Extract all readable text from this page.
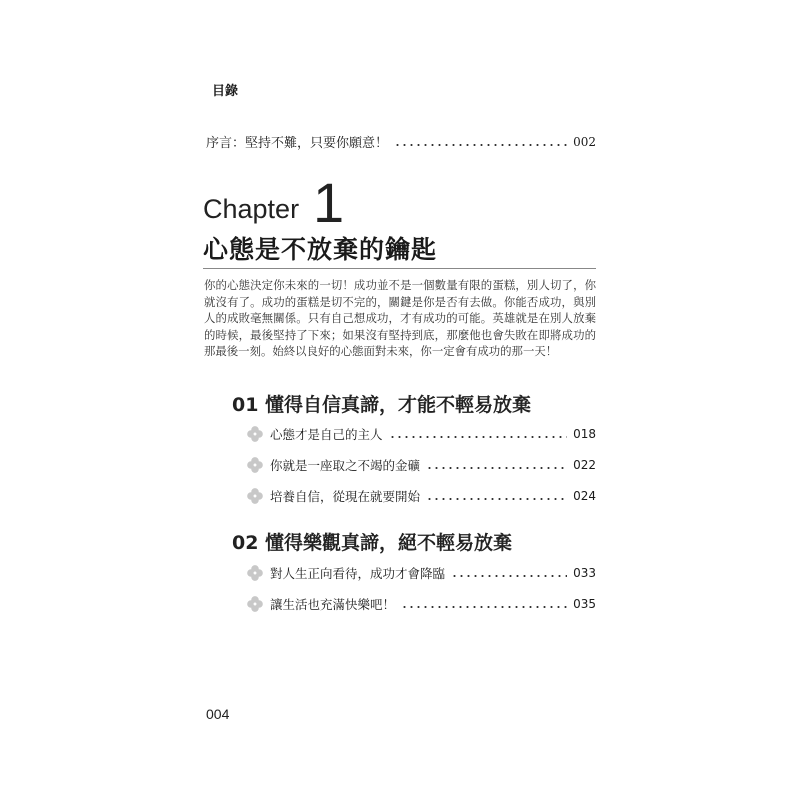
目錄
序言：堅持不難，只要你願意！	002
Chapter 1
心態是不放棄的鑰匙
你的心態決定你未來的一切！成功並不是一個數量有限的蛋糕，別人切了，你就沒有了。成功的蛋糕是切不完的，關鍵是你是否有去做。你能否成功，與別人的成敗毫無關係。只有自己想成功，才有成功的可能。英雄就是在別人放棄的時候，最後堅持了下來；如果沒有堅持到底，那麼他也會失敗在即將成功的那最後一刻。始終以良好的心態面對未來，你一定會有成功的那一天！
01 懂得自信真諦，才能不輕易放棄
心態才是自己的主人	018
你就是一座取之不竭的金礦	022
培養自信，從現在就要開始	024
02 懂得樂觀真諦，絕不輕易放棄
對人生正向看待，成功才會降臨	033
讓生活也充滿快樂吧！	035
004
